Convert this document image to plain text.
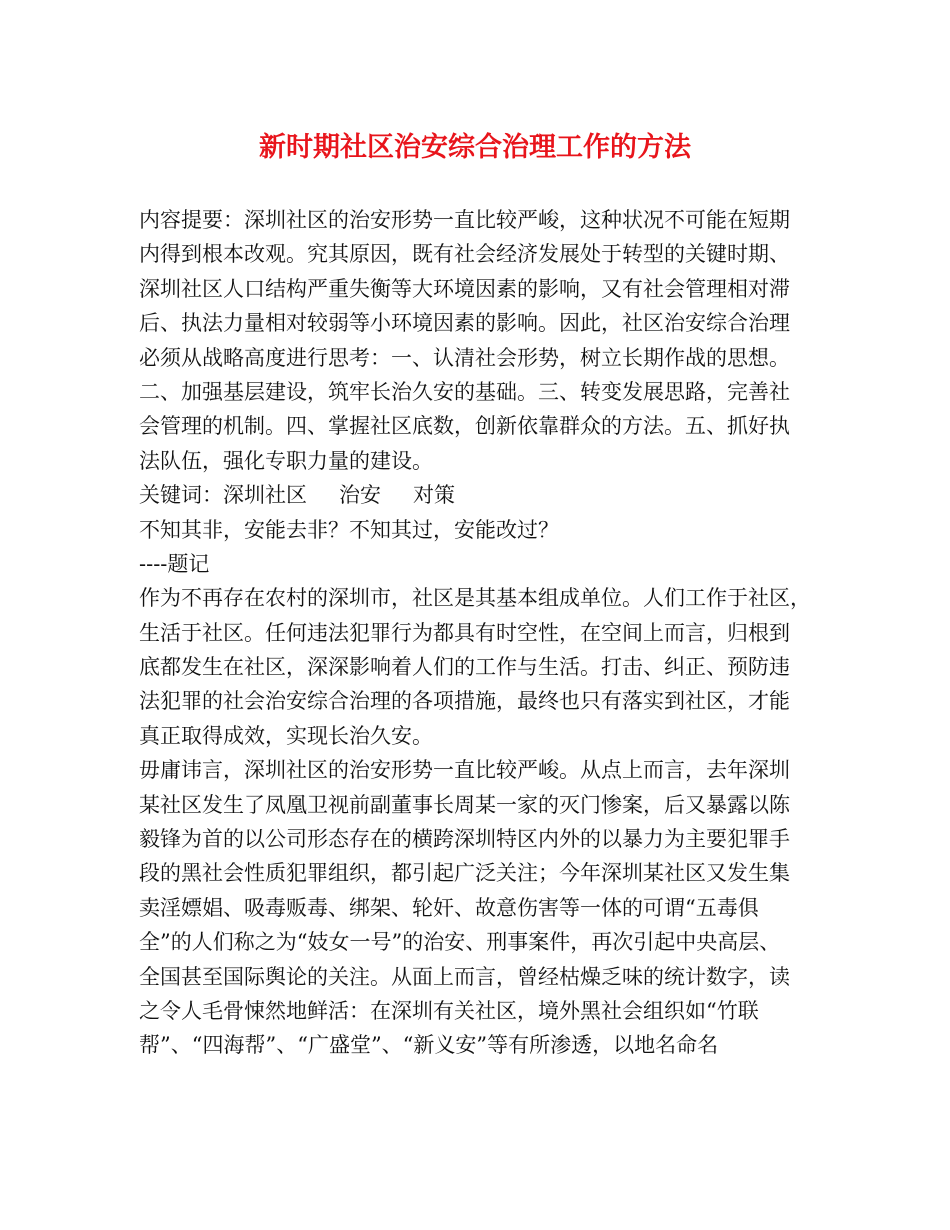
新时期社区治安综合治理工作的方法
内容提要：深圳社区的治安形势一直比较严峻，这种状况不可能在短期
内得到根本改观。究其原因，既有社会经济发展处于转型的关键时期、
深圳社区人口结构严重失衡等大环境因素的影响，又有社会管理相对滞
后、执法力量相对较弱等小环境因素的影响。因此，社区治安综合治理
必须从战略高度进行思考：一、认清社会形势，树立长期作战的思想。
二、加强基层建设，筑牢长治久安的基础。三、转变发展思路，完善社
会管理的机制。四、掌握社区底数，创新依靠群众的方法。五、抓好执
法队伍，强化专职力量的建设。
关键词：深圳社区 治安 对策
不知其非，安能去非？不知其过，安能改过？
----题记
作为不再存在农村的深圳市，社区是其基本组成单位。人们工作于社区，
生活于社区。任何违法犯罪行为都具有时空性，在空间上而言，归根到
底都发生在社区，深深影响着人们的工作与生活。打击、纠正、预防违
法犯罪的社会治安综合治理的各项措施，最终也只有落实到社区，才能
真正取得成效，实现长治久安。
毋庸讳言，深圳社区的治安形势一直比较严峻。从点上而言，去年深圳
某社区发生了凤凰卫视前副董事长周某一家的灭门惨案，后又暴露以陈
毅锋为首的以公司形态存在的横跨深圳特区内外的以暴力为主要犯罪手
段的黑社会性质犯罪组织，都引起广泛关注；今年深圳某社区又发生集
卖淫嫖娼、吸毒贩毒、绑架、轮奸、故意伤害等一体的可谓“五毒俱
全”的人们称之为“妓女一号”的治安、刑事案件，再次引起中央高层、
全国甚至国际舆论的关注。从面上而言，曾经枯燥乏味的统计数字，读
之令人毛骨悚然地鲜活：在深圳有关社区，境外黑社会组织如“竹联
帮”、“四海帮”、“广盛堂”、“新义安”等有所渗透，以地名命名
